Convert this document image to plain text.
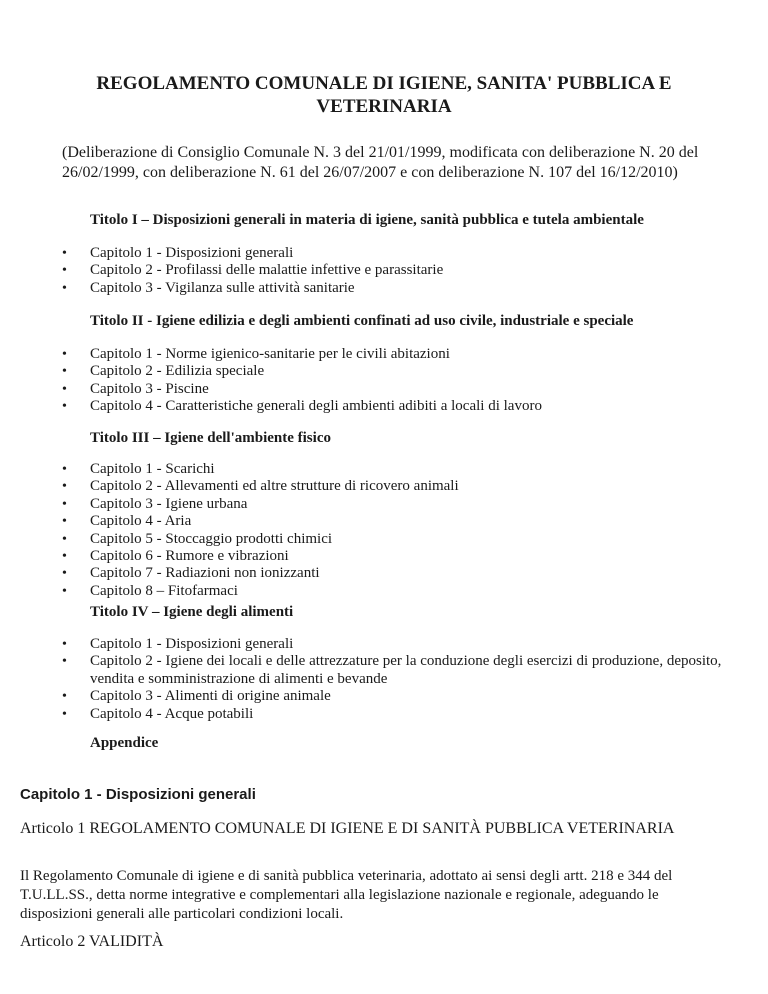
REGOLAMENTO COMUNALE DI IGIENE, SANITA' PUBBLICA E VETERINARIA

(Deliberazione di Consiglio Comunale N. 3 del 21/01/1999, modificata con deliberazione N. 20 del 26/02/1999, con deliberazione N. 61 del 26/07/2007 e con deliberazione N. 107 del 16/12/2010)

Titolo I – Disposizioni generali in materia di igiene, sanità pubblica e tutela ambientale

• Capitolo 1 - Disposizioni generali
• Capitolo 2 - Profilassi delle malattie infettive e parassitarie
• Capitolo 3 - Vigilanza sulle attività sanitarie

Titolo II - Igiene edilizia e degli ambienti confinati ad uso civile, industriale e speciale

• Capitolo 1 - Norme igienico-sanitarie per le civili abitazioni
• Capitolo 2 - Edilizia speciale
• Capitolo 3 - Piscine
• Capitolo 4 - Caratteristiche generali degli ambienti adibiti a locali di lavoro

Titolo III – Igiene dell'ambiente fisico

• Capitolo 1 - Scarichi
• Capitolo 2 - Allevamenti ed altre strutture di ricovero animali
• Capitolo 3 - Igiene urbana
• Capitolo 4 - Aria
• Capitolo 5 - Stoccaggio prodotti chimici
• Capitolo 6 - Rumore e vibrazioni
• Capitolo 7 - Radiazioni non ionizzanti
• Capitolo 8 – Fitofarmaci

Titolo IV – Igiene degli alimenti

• Capitolo 1 - Disposizioni generali
• Capitolo 2 - Igiene dei locali e delle attrezzature per la conduzione degli esercizi di produzione, deposito, vendita e somministrazione di alimenti e bevande
• Capitolo 3 - Alimenti di origine animale
• Capitolo 4 - Acque potabili

Appendice

Capitolo 1 - Disposizioni generali

Articolo 1 REGOLAMENTO COMUNALE DI IGIENE E DI SANITÀ PUBBLICA VETERINARIA

Il Regolamento Comunale di igiene e di sanità pubblica veterinaria, adottato ai sensi degli artt. 218 e 344 del T.U.LL.SS., detta norme integrative e complementari alla legislazione nazionale e regionale, adeguando le disposizioni generali alle particolari condizioni locali.

Articolo 2 VALIDITÀ
